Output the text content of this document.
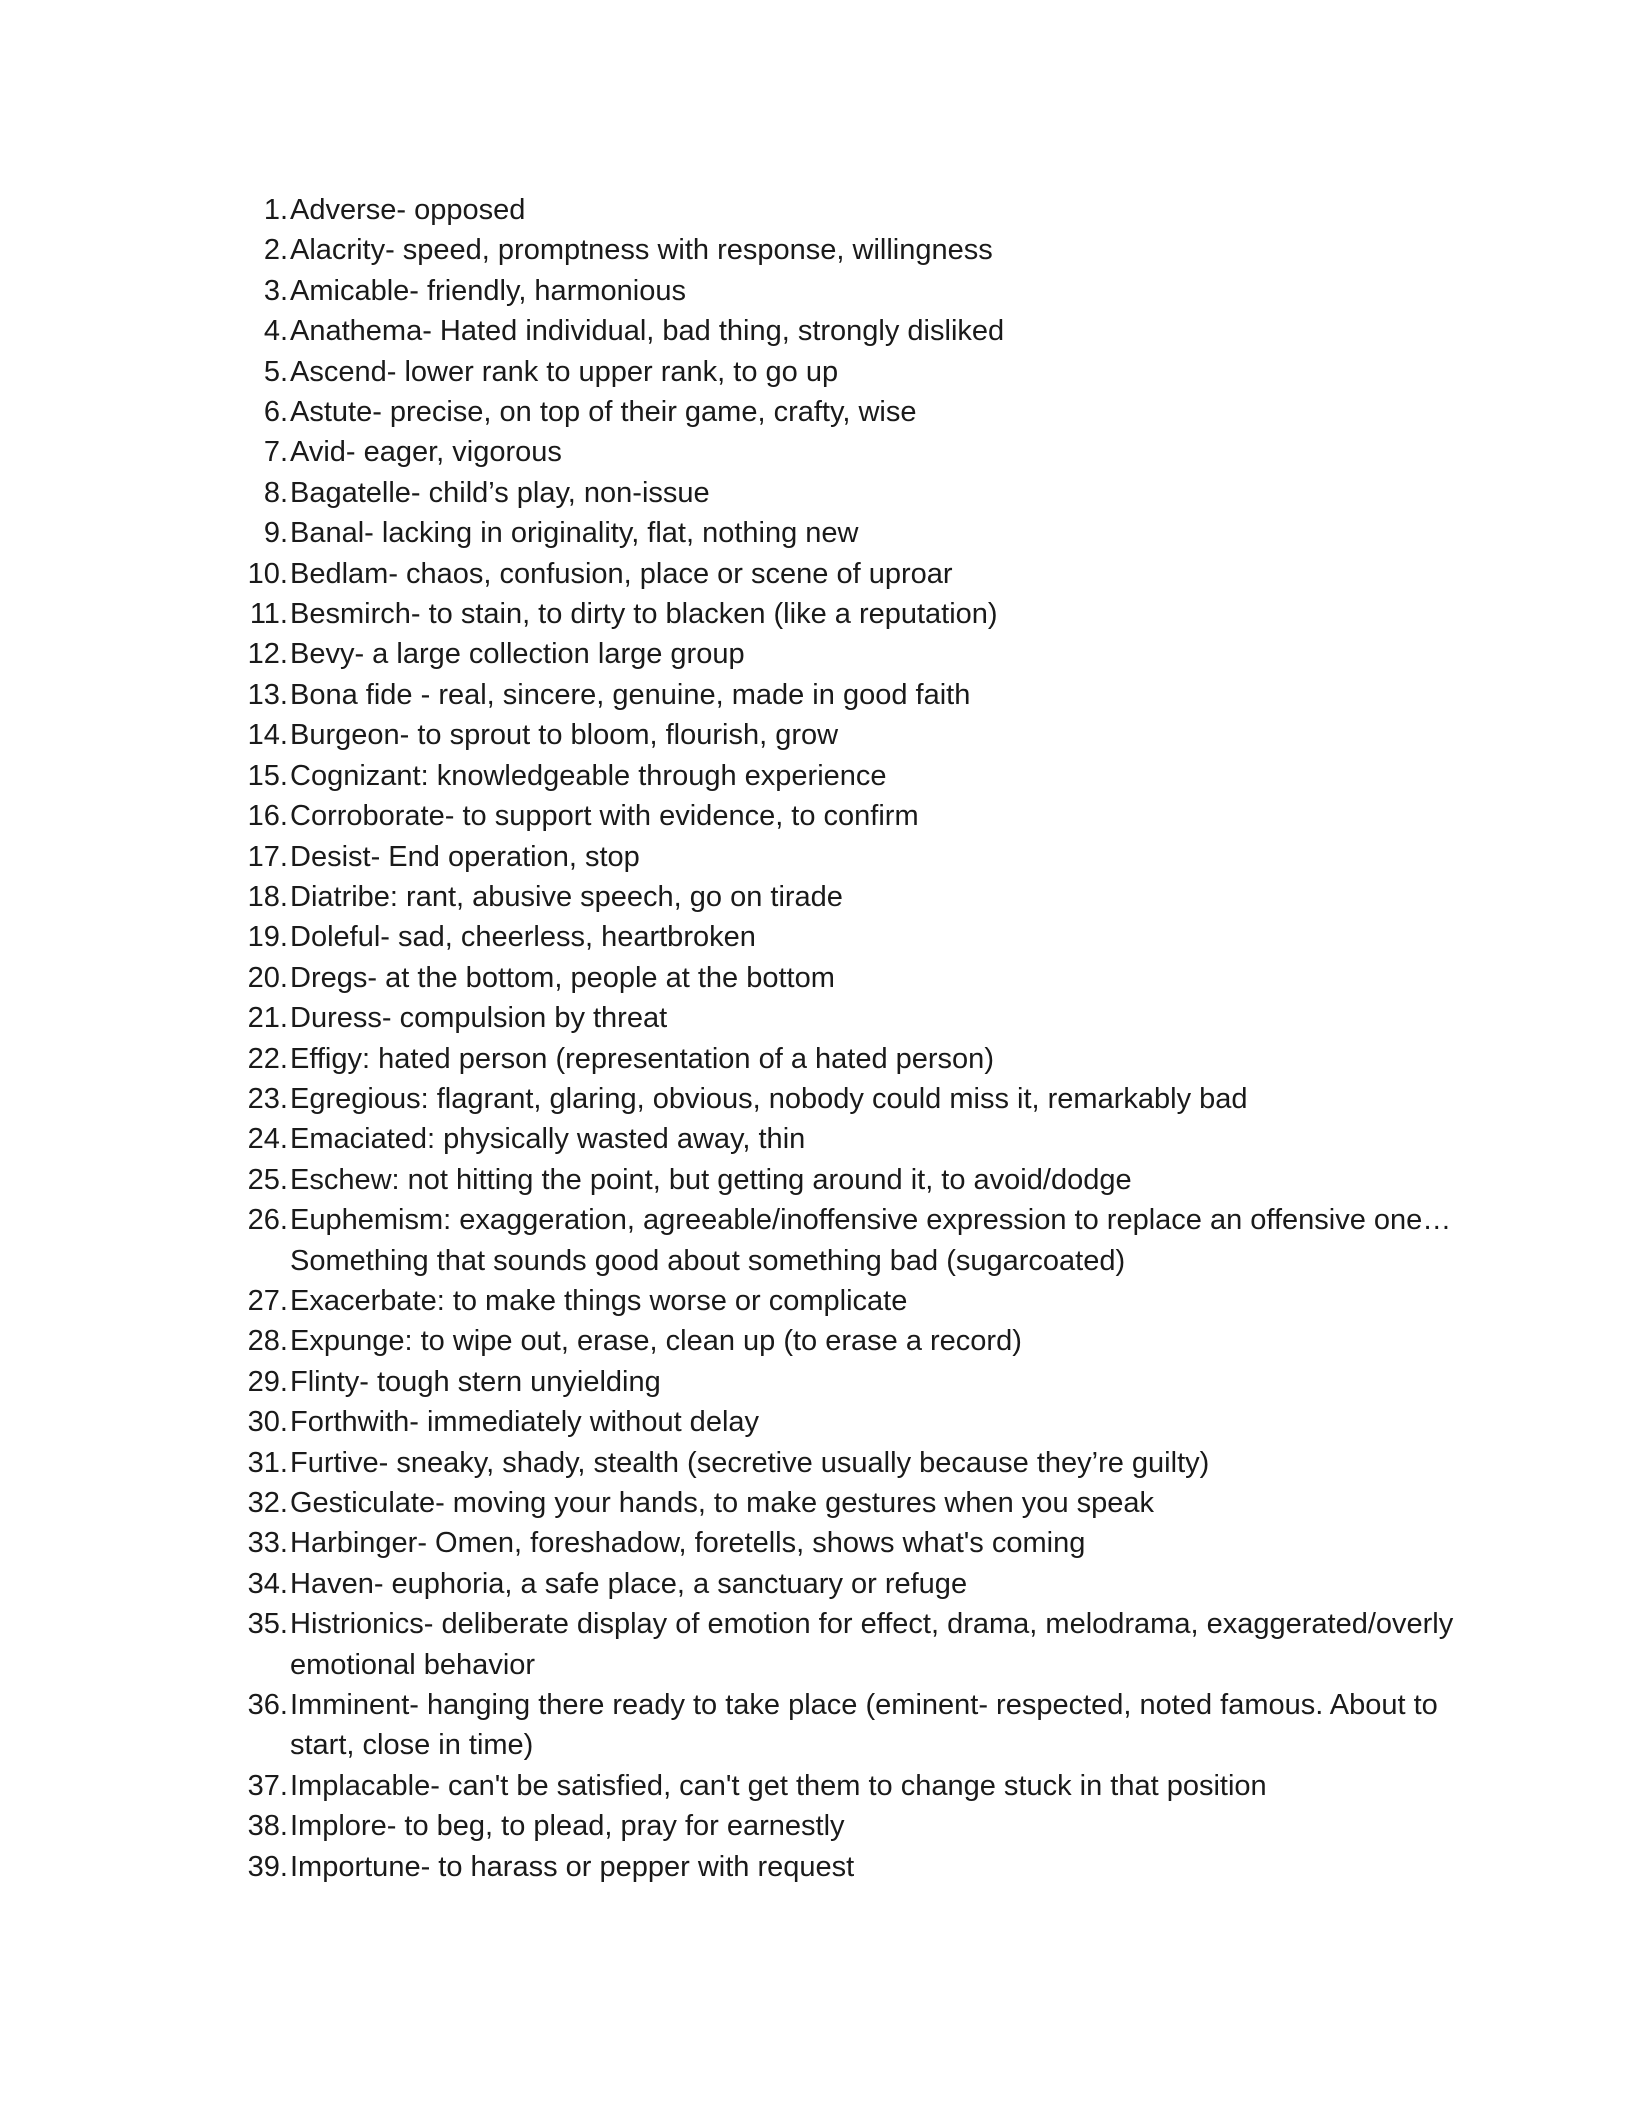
1. Adverse- opposed
2. Alacrity- speed, promptness with response, willingness
3. Amicable- friendly, harmonious
4. Anathema- Hated individual, bad thing, strongly disliked
5. Ascend- lower rank to upper rank, to go up
6. Astute- precise, on top of their game, crafty, wise
7. Avid- eager, vigorous
8. Bagatelle- child’s play, non-issue
9. Banal- lacking in originality, flat, nothing new
10. Bedlam- chaos, confusion, place or scene of uproar
11. Besmirch- to stain, to dirty to blacken (like a reputation)
12. Bevy- a large collection large group
13. Bona fide - real, sincere, genuine, made in good faith
14. Burgeon- to sprout to bloom, flourish, grow
15. Cognizant: knowledgeable through experience
16. Corroborate- to support with evidence, to confirm
17. Desist- End operation, stop
18. Diatribe: rant, abusive speech, go on tirade
19. Doleful- sad, cheerless, heartbroken
20. Dregs- at the bottom, people at the bottom
21. Duress- compulsion by threat
22. Effigy: hated person (representation of a hated person)
23. Egregious: flagrant, glaring, obvious, nobody could miss it, remarkably bad
24. Emaciated: physically wasted away, thin
25. Eschew: not hitting the point, but getting around it, to avoid/dodge
26. Euphemism: exaggeration, agreeable/inoffensive expression to replace an offensive one… Something that sounds good about something bad (sugarcoated)
27. Exacerbate: to make things worse or complicate
28. Expunge: to wipe out, erase, clean up (to erase a record)
29. Flinty- tough stern unyielding
30. Forthwith- immediately without delay
31. Furtive- sneaky, shady, stealth (secretive usually because they’re guilty)
32. Gesticulate- moving your hands, to make gestures when you speak
33. Harbinger- Omen, foreshadow, foretells, shows what's coming
34. Haven- euphoria, a safe place, a sanctuary or refuge
35. Histrionics- deliberate display of emotion for effect, drama, melodrama, exaggerated/overly emotional behavior
36. Imminent- hanging there ready to take place (eminent- respected, noted famous. About to start, close in time)
37. Implacable- can't be satisfied, can't get them to change stuck in that position
38. Implore- to beg, to plead, pray for earnestly
39. Importune- to harass or pepper with request
